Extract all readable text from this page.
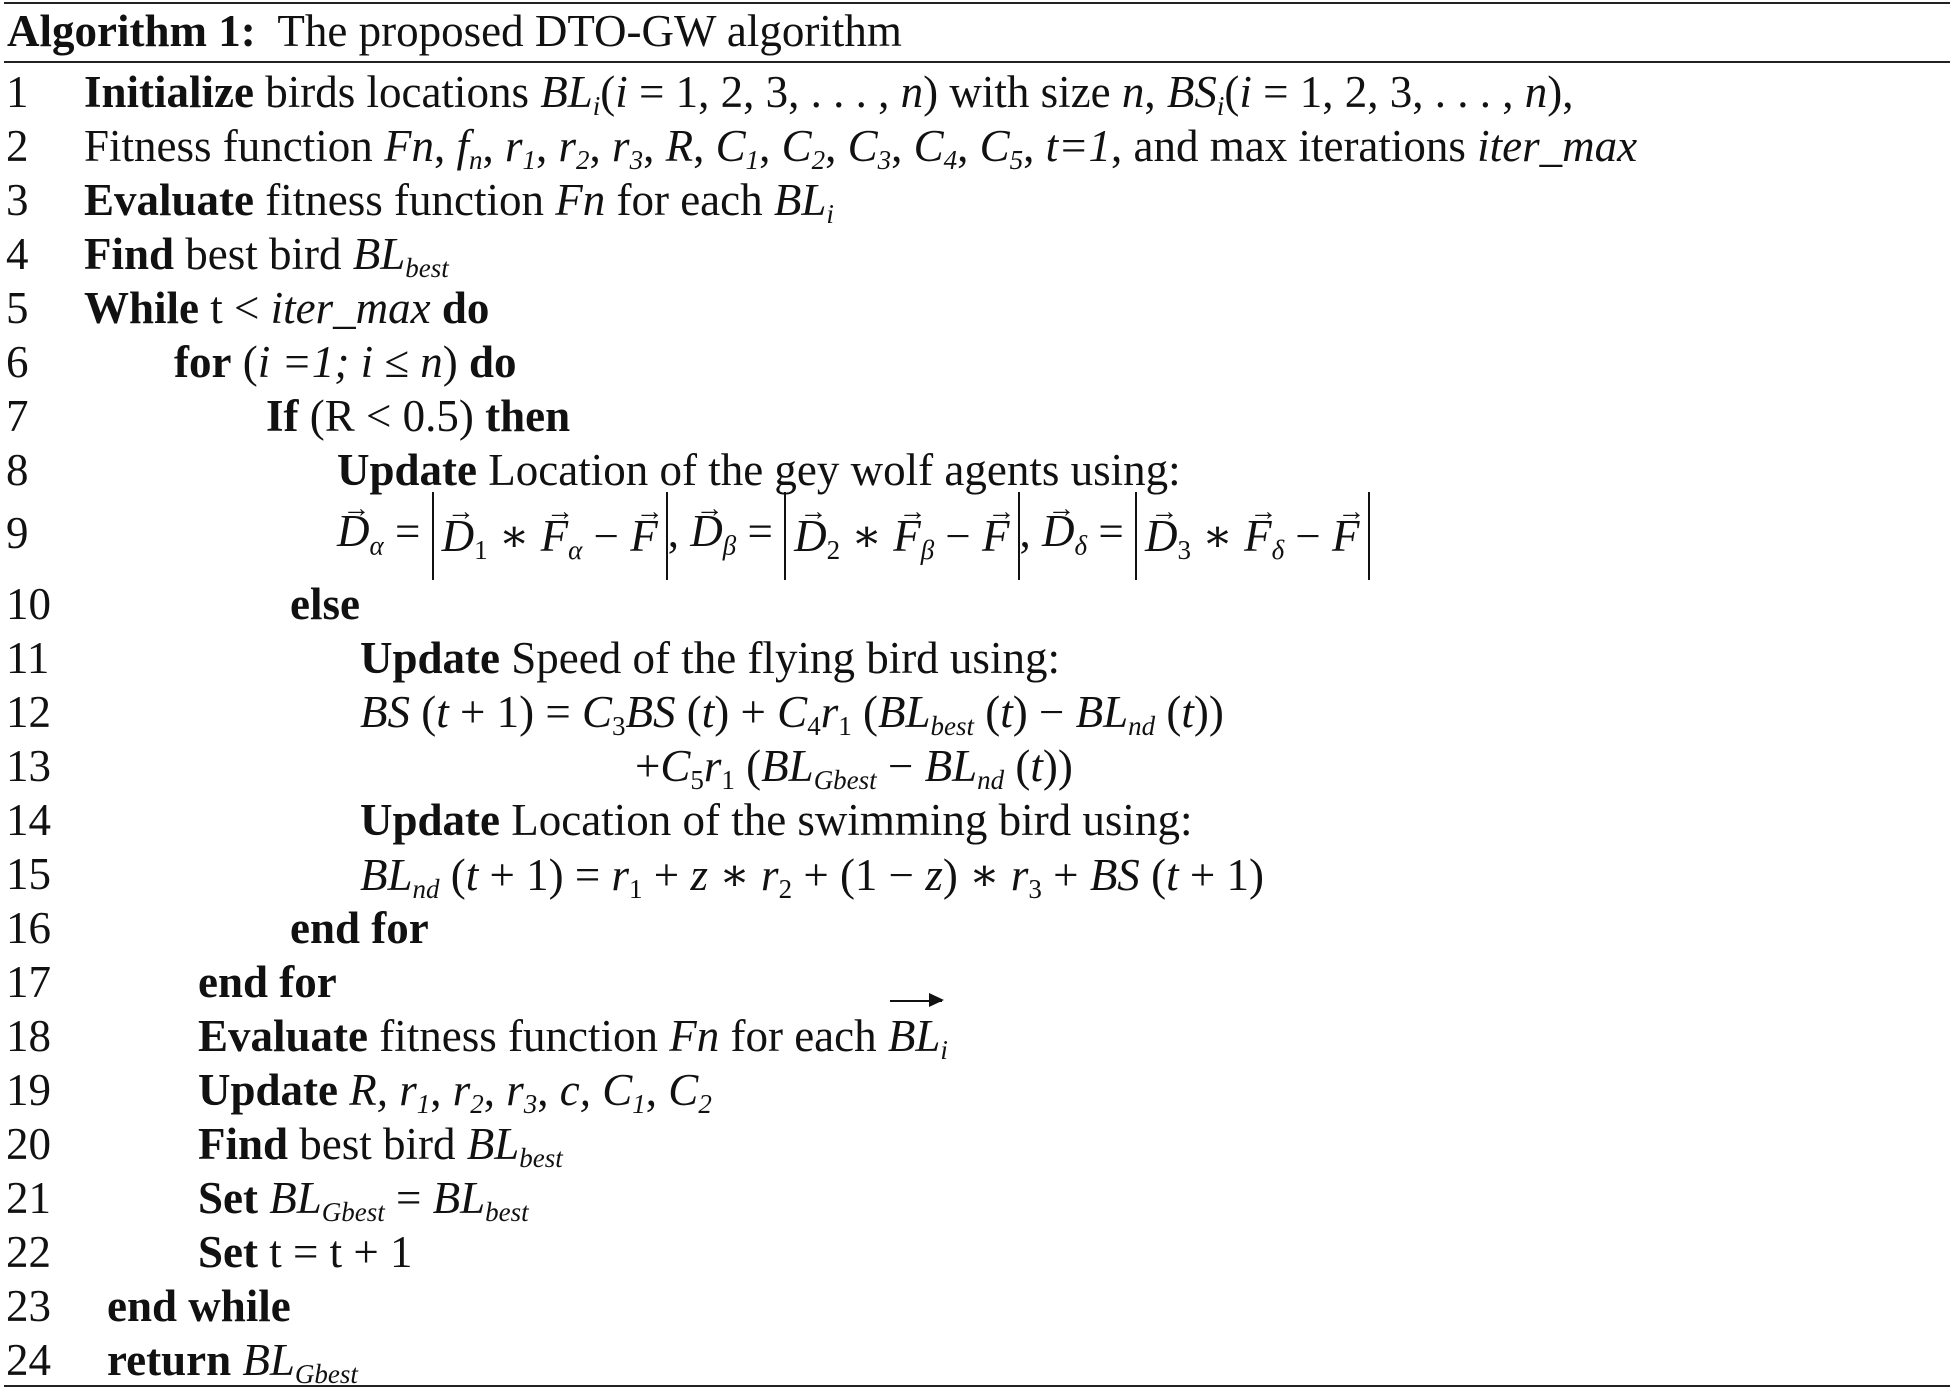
Algorithm 1: The proposed DTO-GW algorithm
1
2
3
4
5
6
7
8
9
10
11
12
13
14
15
16
17
18
19
20
21
22
23
24
Initialize birds locations $BL_i(i = 1$, 2, 3, . . . , n) with size n, $BS_i(i = 1$, 2, 3, . . . , n),
Fitness function Fn, $f_n$, $r_1$, $r_2$, $r_3$, R, $C_1$, $C_2$, $C_3$, $C_4$, $C_5$, t=1, and max iterations iter_max
Evaluate fitness function Fn for each $BL_i$
Find best bird $BL_{best}$
While t < iter_max do
for (i =1; i ≤ n) do
If (R < 0.5) then
Update Location of the gey wolf agents using:
→ $D_\alpha$ = → $D_1$ ∗ → $F_\alpha$ − → F , → $D_\beta$ = → $D_2$ ∗ → $F_\beta$ − → F , → $D_\delta$ = → $D_3$ ∗ → $F_\delta$ − → F
else
Update Speed of the flying bird using:
BS $(t + 1) = C_3BS$ $(t) + C_4r_1$ ($BL_{best}$ $(t) - BL_{nd}$ (t))
$+C_5r_1$ ($BL_{Gbest} - BL_{nd}$ (t))
Update Location of the swimming bird using:
$BL_{nd}$ $(t + 1) = r_1 + z$ ∗ $r_2 + (1 - z)$ ∗ $r_3$ + BS (t + 1)
end for
end for
Evaluate fitness function Fn for each $BL_i$
Update R, $r_1$, $r_2$, $r_3$, c, $C_1$, $C_2$
Find best bird $BL_{best}$
Set $BL_{Gbest} = BL_{best}$
Set t = t + 1
end while
return $BL_{Gbest}$
